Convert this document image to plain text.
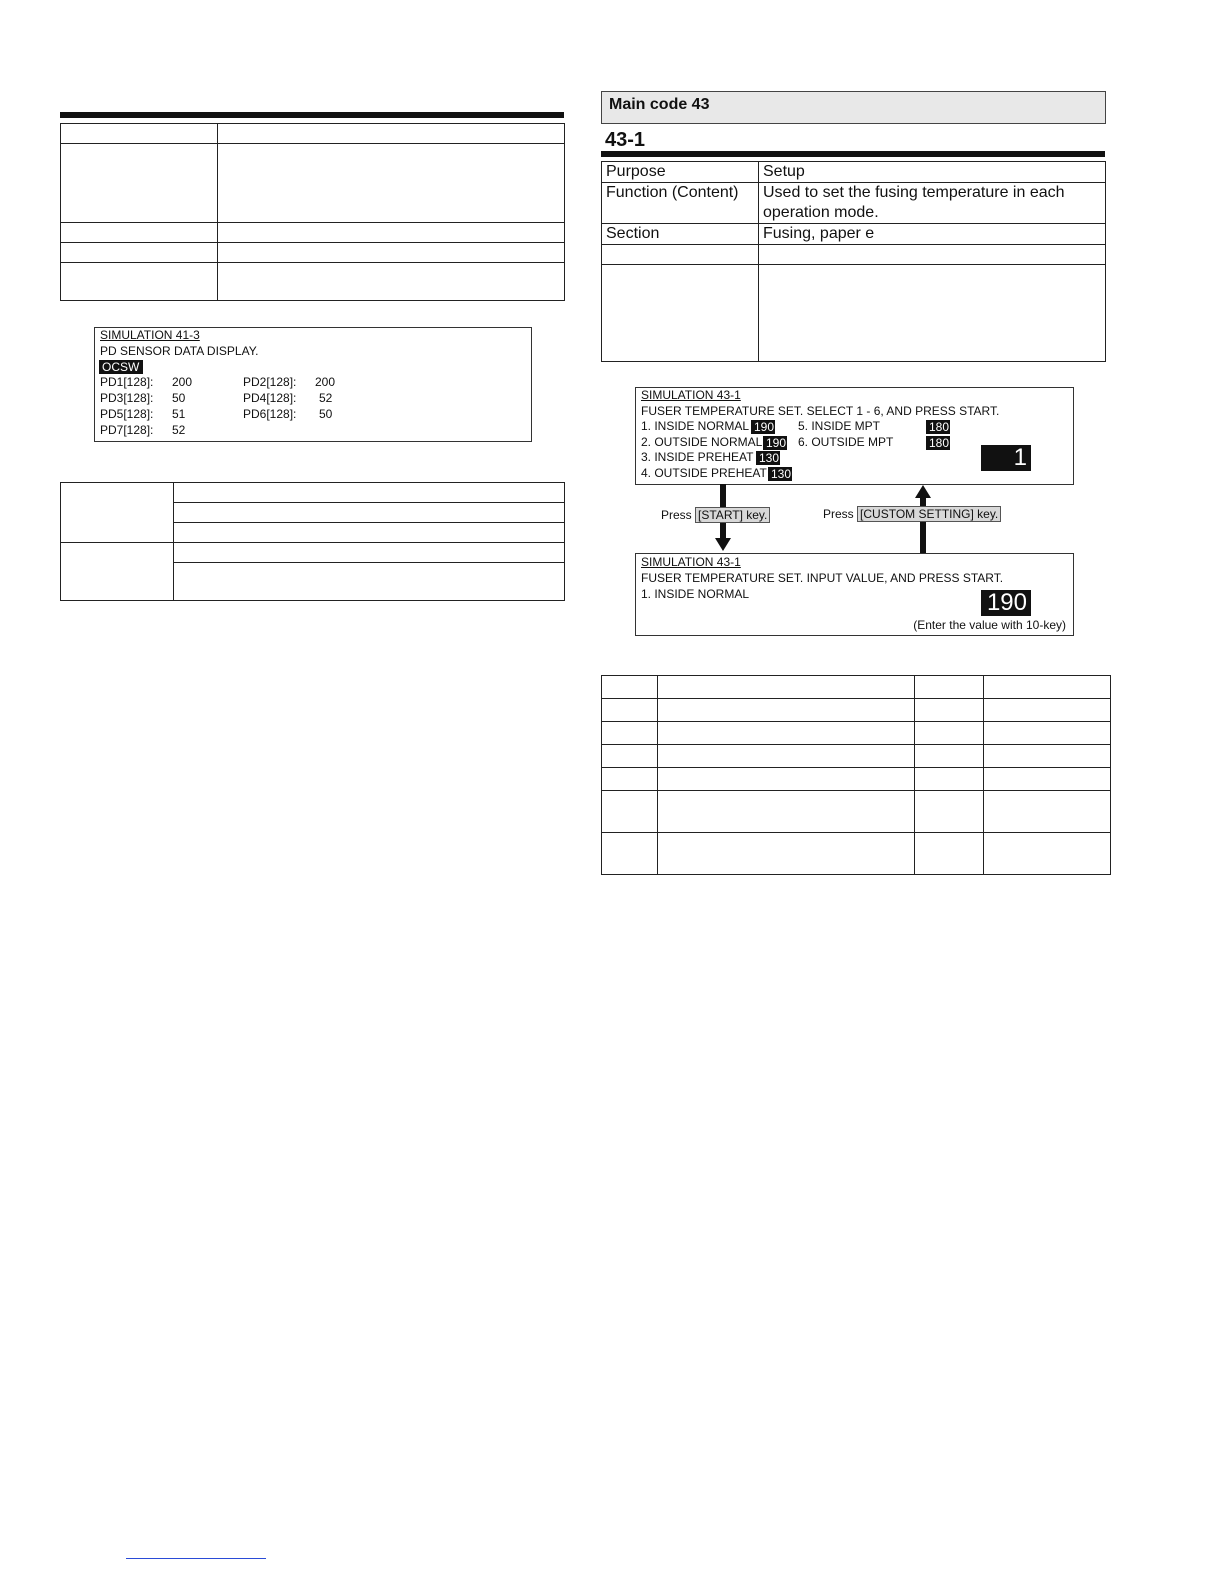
SIMULATION 41-3
PD SENSOR DATA DISPLAY.
OCSW
PD1[128]: 200	PD2[128]: 200
PD3[128]: 50	PD4[128]: 52
PD5[128]: 51	PD6[128]: 50
PD7[128]: 52

Main code 43
43-1
Purpose	Setup
Function (Content)	Used to set the fusing temperature in each operation mode.
Section	Fusing, paper e

SIMULATION 43-1
FUSER TEMPERATURE SET. SELECT 1 - 6, AND PRESS START.
1. INSIDE NORMAL 190
2. OUTSIDE NORMAL 190
3. INSIDE PREHEAT 130
4. OUTSIDE PREHEAT 130
5. INSIDE MPT	180
6. OUTSIDE MPT	180
1
Press [START] key.	Press [CUSTOM SETTING] key.
SIMULATION 43-1
FUSER TEMPERATURE SET. INPUT VALUE, AND PRESS START.
1. INSIDE NORMAL	190
(Enter the value with 10-key)
